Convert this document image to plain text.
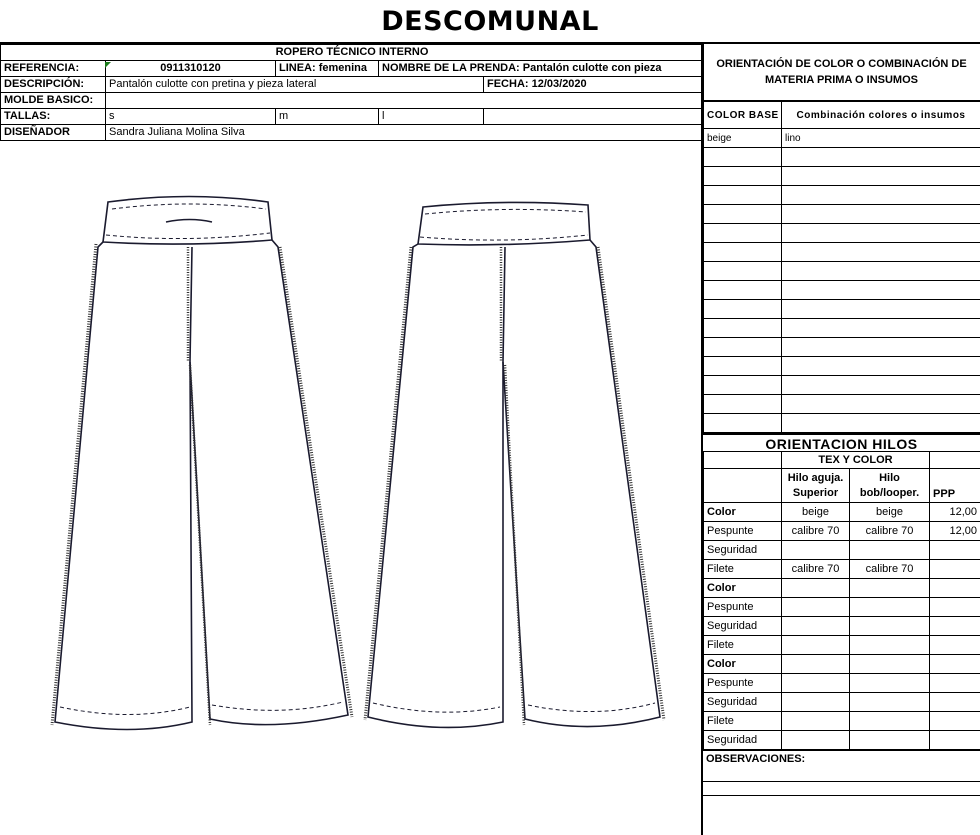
DESCOMUNAL
ROPERO TÉCNICO INTERNO				
REFERENCIA:	0911310120	LINEA: femenina	NOMBRE DE LA PRENDA: Pantalón culotte con pieza	
DESCRIPCIÓN:	Pantalón culotte con pretina y pieza lateral			FECHA: 12/03/2020
MOLDE BASICO:				
TALLAS:	s	m	l	
DISEÑADOR	Sandra Juliana Molina Silva			
ORIENTACIÓN DE COLOR O COMBINACIÓN DE MATERIA PRIMA O INSUMOS
COLOR BASE	Combinación colores o insumos
beige	lino

ORIENTACION HILOS
	TEX Y COLOR		
	Hilo aguja. Superior	Hilo bob/looper.	PPP
Color	beige	beige	12,00
Pespunte	calibre 70	calibre 70	12,00
Seguridad			
Filete	calibre 70	calibre 70	
Color			
Pespunte			
Seguridad			
Filete			
Color			
Pespunte			
Seguridad			
Filete			
Seguridad			
OBSERVACIONES:
